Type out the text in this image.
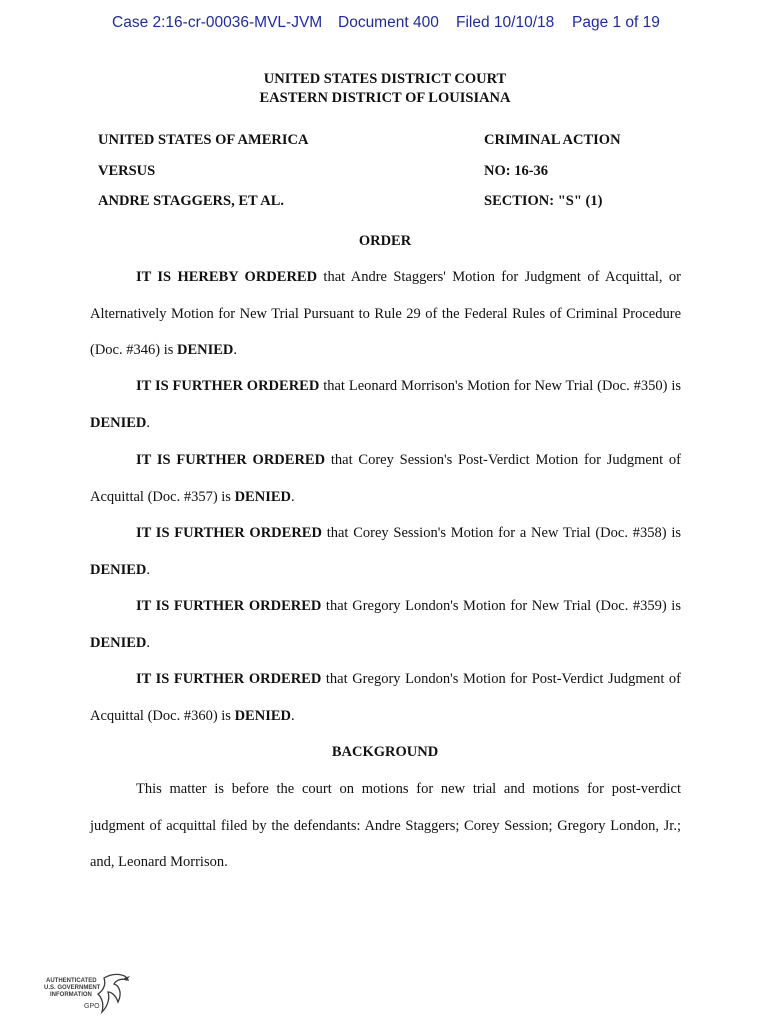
Case 2:16-cr-00036-MVL-JVM Document 400 Filed 10/10/18 Page 1 of 19
UNITED STATES DISTRICT COURT
EASTERN DISTRICT OF LOUISIANA
UNITED STATES OF AMERICA
VERSUS
ANDRE STAGGERS, ET AL.
CRIMINAL ACTION
NO: 16-36
SECTION: "S" (1)
ORDER

IT IS HEREBY ORDERED that Andre Staggers' Motion for Judgment of Acquittal, or Alternatively Motion for New Trial Pursuant to Rule 29 of the Federal Rules of Criminal Procedure (Doc. #346) is DENIED.

IT IS FURTHER ORDERED that Leonard Morrison's Motion for New Trial (Doc. #350) is DENIED.

IT IS FURTHER ORDERED that Corey Session's Post-Verdict Motion for Judgment of Acquittal (Doc. #357) is DENIED.

IT IS FURTHER ORDERED that Corey Session's Motion for a New Trial (Doc. #358) is DENIED.

IT IS FURTHER ORDERED that Gregory London's Motion for New Trial (Doc. #359) is DENIED.

IT IS FURTHER ORDERED that Gregory London's Motion for Post-Verdict Judgment of Acquittal (Doc. #360) is DENIED.

BACKGROUND

This matter is before the court on motions for new trial and motions for post-verdict judgment of acquittal filed by the defendants: Andre Staggers; Corey Session; Gregory London, Jr.; and, Leonard Morrison.

AUTHENTICATED
U.S. GOVERNMENT
INFORMATION
GPO
